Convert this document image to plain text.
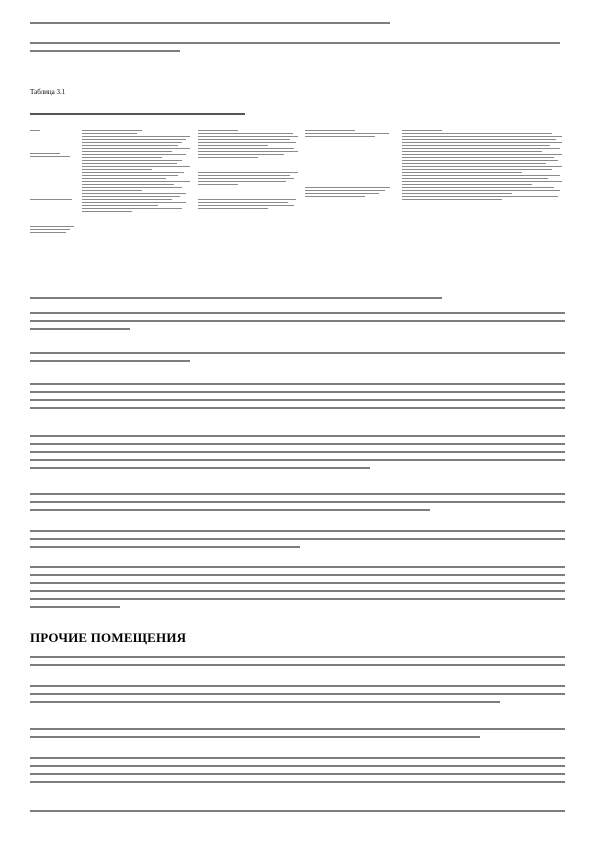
Таблица 3.1

ПРОЧИЕ ПОМЕЩЕНИЯ
